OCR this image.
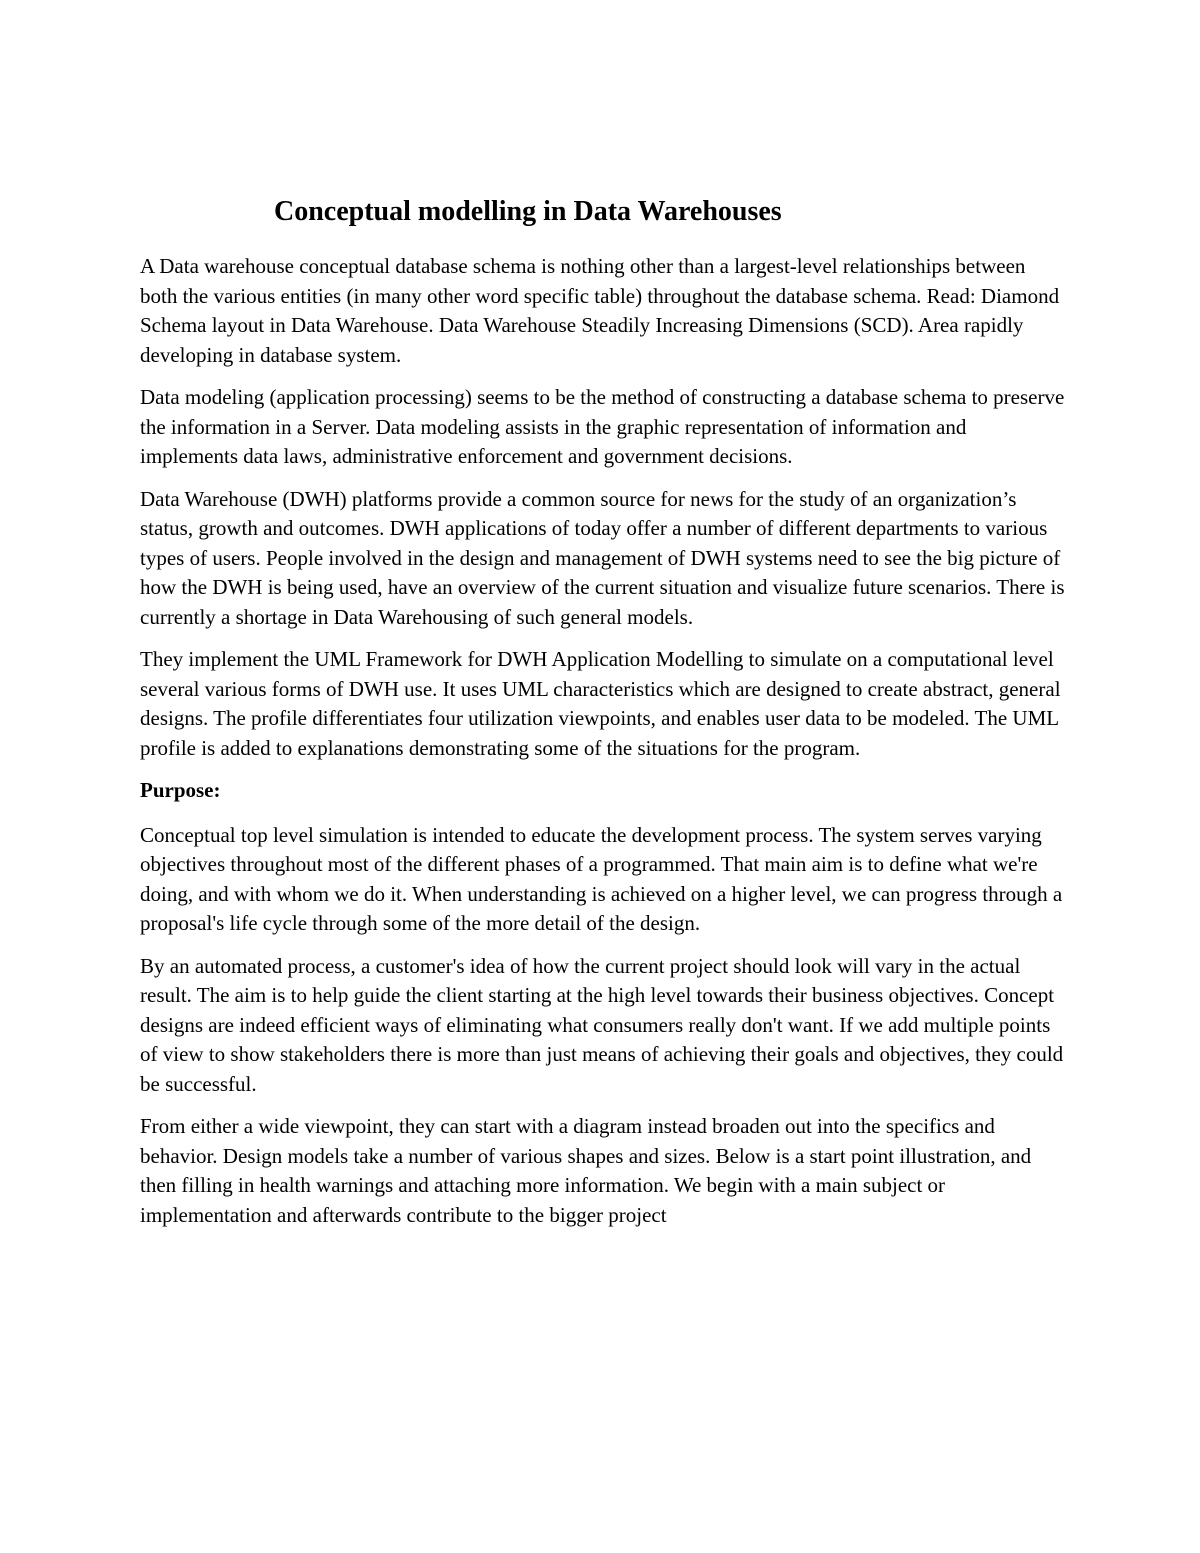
Conceptual modelling in Data Warehouses

A Data warehouse conceptual database schema is nothing other than a largest-level relationships between both the various entities (in many other word specific table) throughout the database schema. Read: Diamond Schema layout in Data Warehouse. Data Warehouse Steadily Increasing Dimensions (SCD). Area rapidly developing in database system.

Data modeling (application processing) seems to be the method of constructing a database schema to preserve the information in a Server. Data modeling assists in the graphic representation of information and implements data laws, administrative enforcement and government decisions.

Data Warehouse (DWH) platforms provide a common source for news for the study of an organization’s status, growth and outcomes. DWH applications of today offer a number of different departments to various types of users. People involved in the design and management of DWH systems need to see the big picture of how the DWH is being used, have an overview of the current situation and visualize future scenarios. There is currently a shortage in Data Warehousing of such general models.

They implement the UML Framework for DWH Application Modelling to simulate on a computational level several various forms of DWH use. It uses UML characteristics which are designed to create abstract, general designs. The profile differentiates four utilization viewpoints, and enables user data to be modeled. The UML profile is added to explanations demonstrating some of the situations for the program.

Purpose:

Conceptual top level simulation is intended to educate the development process. The system serves varying objectives throughout most of the different phases of a programmed. That main aim is to define what we're doing, and with whom we do it. When understanding is achieved on a higher level, we can progress through a proposal's life cycle through some of the more detail of the design.

By an automated process, a customer's idea of how the current project should look will vary in the actual result. The aim is to help guide the client starting at the high level towards their business objectives. Concept designs are indeed efficient ways of eliminating what consumers really don't want. If we add multiple points of view to show stakeholders there is more than just means of achieving their goals and objectives, they could be successful.

From either a wide viewpoint, they can start with a diagram instead broaden out into the specifics and behavior. Design models take a number of various shapes and sizes. Below is a start point illustration, and then filling in health warnings and attaching more information. We begin with a main subject or implementation and afterwards contribute to the bigger project
